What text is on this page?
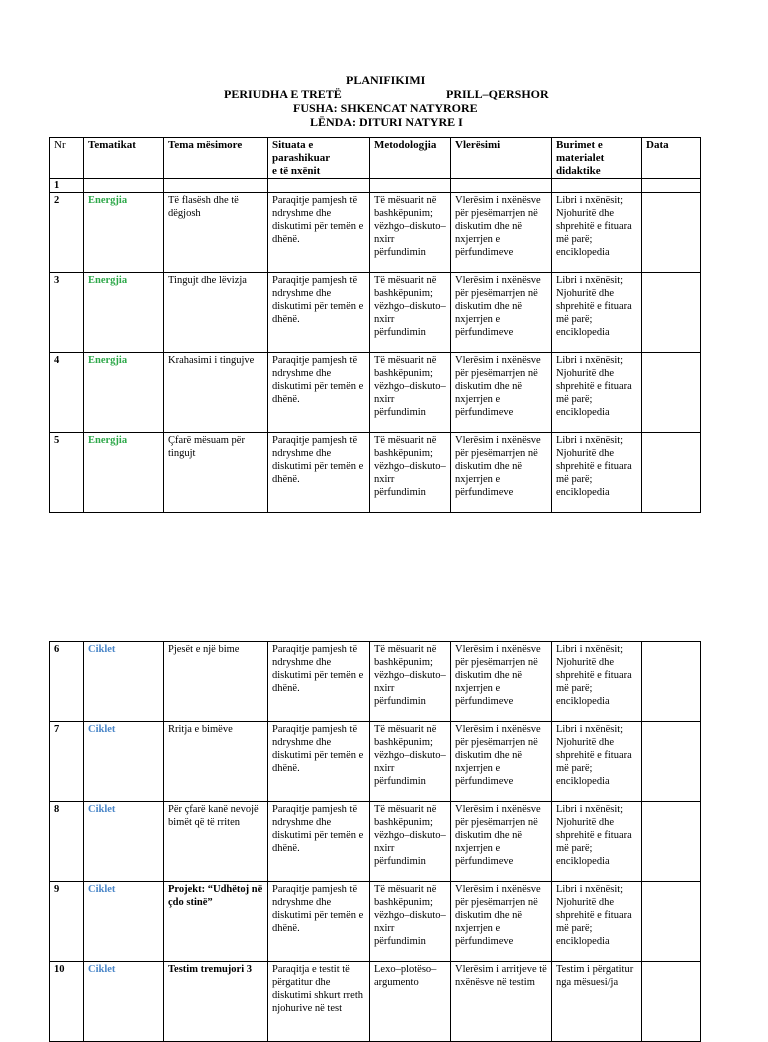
PLANIFIKIMI
PERIUDHA E TRETË	PRILL–QERSHOR
FUSHA: SHKENCAT NATYRORE
LËNDA: DITURI NATYRE I
Nr	Tematikat	Tema mësimore	Situata e
parashikuar
e të nxënit	Metodologjia	Vlerësimi	Burimet e
materialet
didaktike	Data
1							
2	Energjia	Të flasësh dhe të dëgjosh	Paraqitje pamjesh të ndryshme dhe diskutimi për temën e dhënë.	Të mësuarit në bashkëpunim; vëzhgo–diskuto–nxirr përfundimin	Vlerësim i nxënësve për pjesëmarrjen në diskutim dhe në nxjerrjen e përfundimeve	Libri i nxënësit; Njohuritë dhe shprehitë e fituara më parë; enciklopedia	
3	Energjia	Tingujt dhe lëvizja	Paraqitje pamjesh të ndryshme dhe diskutimi për temën e dhënë.	Të mësuarit në bashkëpunim; vëzhgo–diskuto–nxirr përfundimin	Vlerësim i nxënësve për pjesëmarrjen në diskutim dhe në nxjerrjen e përfundimeve	Libri i nxënësit; Njohuritë dhe shprehitë e fituara më parë; enciklopedia	
4	Energjia	Krahasimi i tingujve	Paraqitje pamjesh të ndryshme dhe diskutimi për temën e dhënë.	Të mësuarit në bashkëpunim; vëzhgo–diskuto–nxirr përfundimin	Vlerësim i nxënësve për pjesëmarrjen në diskutim dhe në nxjerrjen e përfundimeve	Libri i nxënësit; Njohuritë dhe shprehitë e fituara më parë; enciklopedia	
5	Energjia	Çfarë mësuam për tingujt	Paraqitje pamjesh të ndryshme dhe diskutimi për temën e dhënë.	Të mësuarit në bashkëpunim; vëzhgo–diskuto–nxirr përfundimin	Vlerësim i nxënësve për pjesëmarrjen në diskutim dhe në nxjerrjen e përfundimeve	Libri i nxënësit; Njohuritë dhe shprehitë e fituara më parë; enciklopedia	
6	Ciklet	Pjesët e një bime	Paraqitje pamjesh të ndryshme dhe diskutimi për temën e dhënë.	Të mësuarit në bashkëpunim; vëzhgo–diskuto–nxirr përfundimin	Vlerësim i nxënësve për pjesëmarrjen në diskutim dhe në nxjerrjen e përfundimeve	Libri i nxënësit; Njohuritë dhe shprehitë e fituara më parë; enciklopedia	
7	Ciklet	Rritja e bimëve	Paraqitje pamjesh të ndryshme dhe diskutimi për temën e dhënë.	Të mësuarit në bashkëpunim; vëzhgo–diskuto–nxirr përfundimin	Vlerësim i nxënësve për pjesëmarrjen në diskutim dhe në nxjerrjen e përfundimeve	Libri i nxënësit; Njohuritë dhe shprehitë e fituara më parë; enciklopedia	
8	Ciklet	Për çfarë kanë nevojë bimët që të rriten	Paraqitje pamjesh të ndryshme dhe diskutimi për temën e dhënë.	Të mësuarit në bashkëpunim; vëzhgo–diskuto–nxirr përfundimin	Vlerësim i nxënësve për pjesëmarrjen në diskutim dhe në nxjerrjen e përfundimeve	Libri i nxënësit; Njohuritë dhe shprehitë e fituara më parë; enciklopedia	
9	Ciklet	Projekt: “Udhëtoj në çdo stinë”	Paraqitje pamjesh të ndryshme dhe diskutimi për temën e dhënë.	Të mësuarit në bashkëpunim; vëzhgo–diskuto–nxirr përfundimin	Vlerësim i nxënësve për pjesëmarrjen në diskutim dhe në nxjerrjen e përfundimeve	Libri i nxënësit; Njohuritë dhe shprehitë e fituara më parë; enciklopedia	
10	Ciklet	Testim tremujori 3	Paraqitja e testit të përgatitur dhe diskutimi shkurt rreth njohurive në test	Lexo–plotëso–argumento	Vlerësim i arritjeve të nxënësve në testim	Testim i përgatitur nga mësuesi/ja	
